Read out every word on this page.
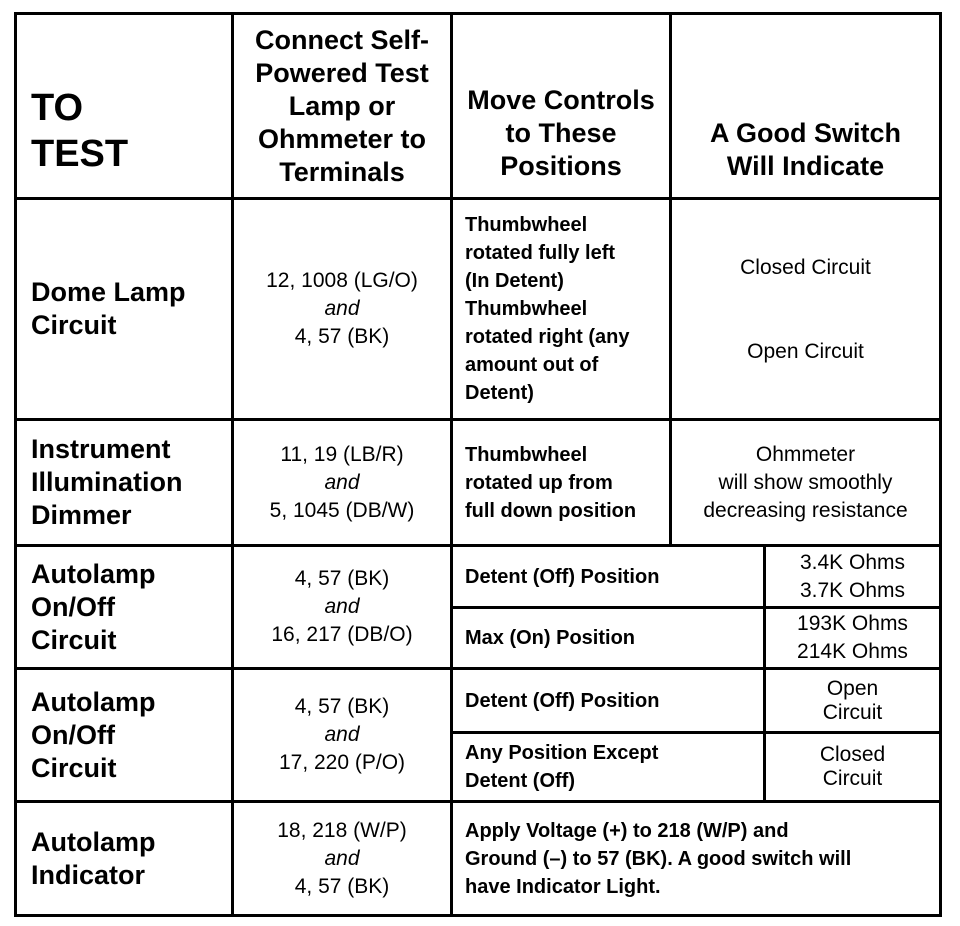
TO
TEST
Connect Self-
Powered Test
Lamp or
Ohmmeter to
Terminals
Move Controls
to These
Positions
A Good Switch
Will Indicate
Dome Lamp
Circuit
12, 1008 (LG/O)
and
4, 57 (BK)
Thumbwheel
rotated fully left
(In Detent)
Thumbwheel
rotated right (any
amount out of
Detent)
Closed Circuit
Open Circuit
Instrument
Illumination
Dimmer
11, 19 (LB/R)
and
5, 1045 (DB/W)
Thumbwheel
rotated up from
full down position
Ohmmeter
will show smoothly
decreasing resistance
Autolamp
On/Off
Circuit
4, 57 (BK)
and
16, 217 (DB/O)
Detent (Off) Position
3.4K Ohms
3.7K Ohms
Max (On) Position
193K Ohms
214K Ohms
Autolamp
On/Off
Circuit
4, 57 (BK)
and
17, 220 (P/O)
Detent (Off) Position
Open
Circuit
Any Position Except
Detent (Off)
Closed
Circuit
Autolamp
Indicator
18, 218 (W/P)
and
4, 57 (BK)
Apply Voltage (+) to 218 (W/P) and
Ground (–) to 57 (BK). A good switch will
have Indicator Light.
